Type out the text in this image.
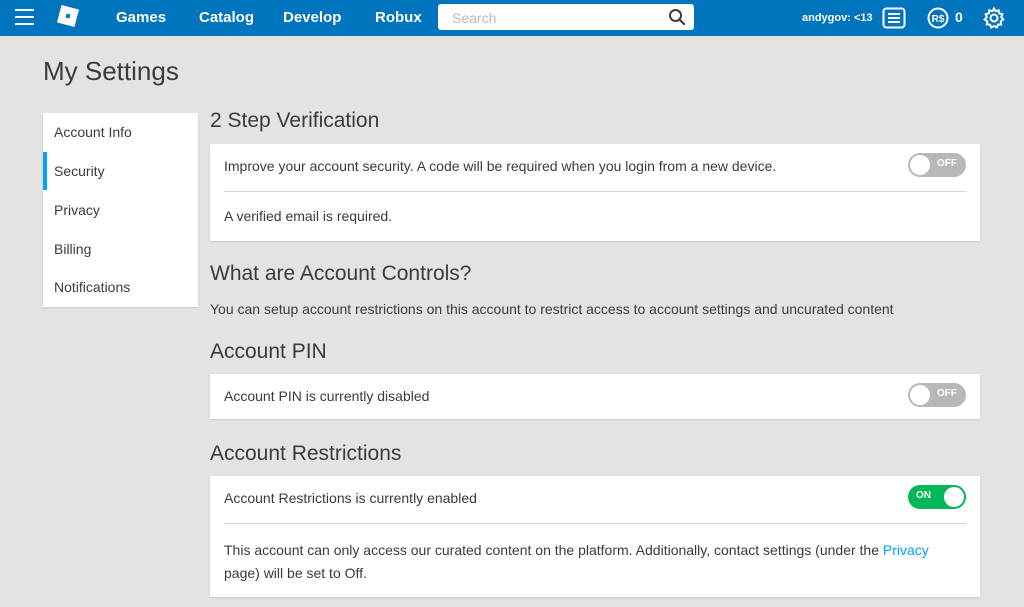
Games Catalog Develop Robux
Search	andygov: <13	R$ 0
My Settings
Account Info
Security
Privacy
Billing
Notifications
2 Step Verification
Improve your account security. A code will be required when you login from a new device.	OFF
A verified email is required.
What are Account Controls?
You can setup account restrictions on this account to restrict access to account settings and uncurated content
Account PIN
Account PIN is currently disabled	OFF
Account Restrictions
Account Restrictions is currently enabled	ON
This account can only access our curated content on the platform. Additionally, contact settings (under the Privacy
page) will be set to Off.
